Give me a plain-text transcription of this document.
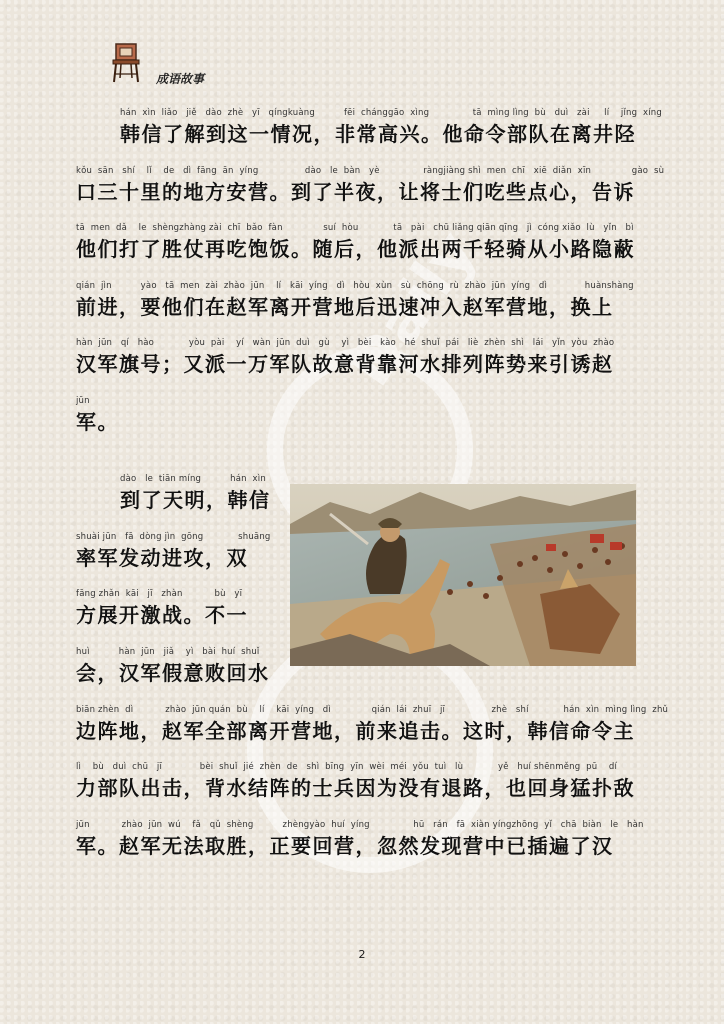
成语故事
Daily
hán  xìn  liǎo   jiě   dào  zhè   yī   qíngkuàng          fēi  chánggāo  xìng               tā  mìng lìng  bù   duì   zài     lí    jǐng  xíng
韩信了解到这一情况，非常高兴。他命令部队在离井陉
kǒu  sān   shí    lǐ    de   dì  fāng  ān  yíng                dào   le  bàn   yè               ràngjiàng shì  men  chī   xiē  diǎn  xīn              gào  sù
口三十里的地方安营。到了半夜，让将士们吃些点心，告诉
tā  men  dǎ    le  shèngzhàng zài  chī  bǎo  fàn              suí  hòu            tā   pài   chū liǎng qiān qīng   jì  cóng xiǎo  lù   yǐn   bì
他们打了胜仗再吃饱饭。随后，他派出两千轻骑从小路隐蔽
qián  jìn          yào   tā  men  zài  zhào  jūn    lí   kāi  yíng   dì   hòu  xùn   sù  chōng  rù  zhào  jūn  yíng   dì             huànshàng
前进，要他们在赵军离开营地后迅速冲入赵军营地，换上
hàn  jūn   qí   hào            yòu  pài    yí   wàn  jūn  duì   gù    yì   bèi   kào   hé  shuǐ  pái   liè  zhèn  shì   lái   yǐn  yòu  zhào
汉军旗号；又派一万军队故意背靠河水排列阵势来引诱赵
jūn
军。
dào   le  tiān míng          hán  xìn
到了天明，韩信
shuài jūn   fā  dòng jìn  gōng            shuāng
率军发动进攻，双
fāng zhǎn  kāi   jī   zhàn           bù   yī
方展开激战。不一
huì          hàn  jūn   jiǎ    yì   bài  huí  shuǐ
会，汉军假意败回水
biān zhèn  dì           zhào  jūn quán  bù    lí    kāi  yíng   dì              qián  lái  zhuī   jī                zhè   shí            hán  xìn  mìng lìng  zhǔ
边阵地，赵军全部离开营地，前来追击。这时，韩信命令主
lì    bù   duì  chū   jī             bèi  shuǐ  jié  zhèn  de   shì  bīng  yīn  wèi  méi  yǒu  tuì   lù            yě   huí shēnměng  pū    dí
力部队出击，背水结阵的士兵因为没有退路，也回身猛扑敌
jūn           zhào  jūn  wú    fǎ   qǔ  shèng          zhèngyào  huí  yíng               hū   rán   fā  xiàn yíngzhōng  yǐ   chā  biàn   le   hàn
军。赵军无法取胜，正要回营，忽然发现营中已插遍了汉
2
